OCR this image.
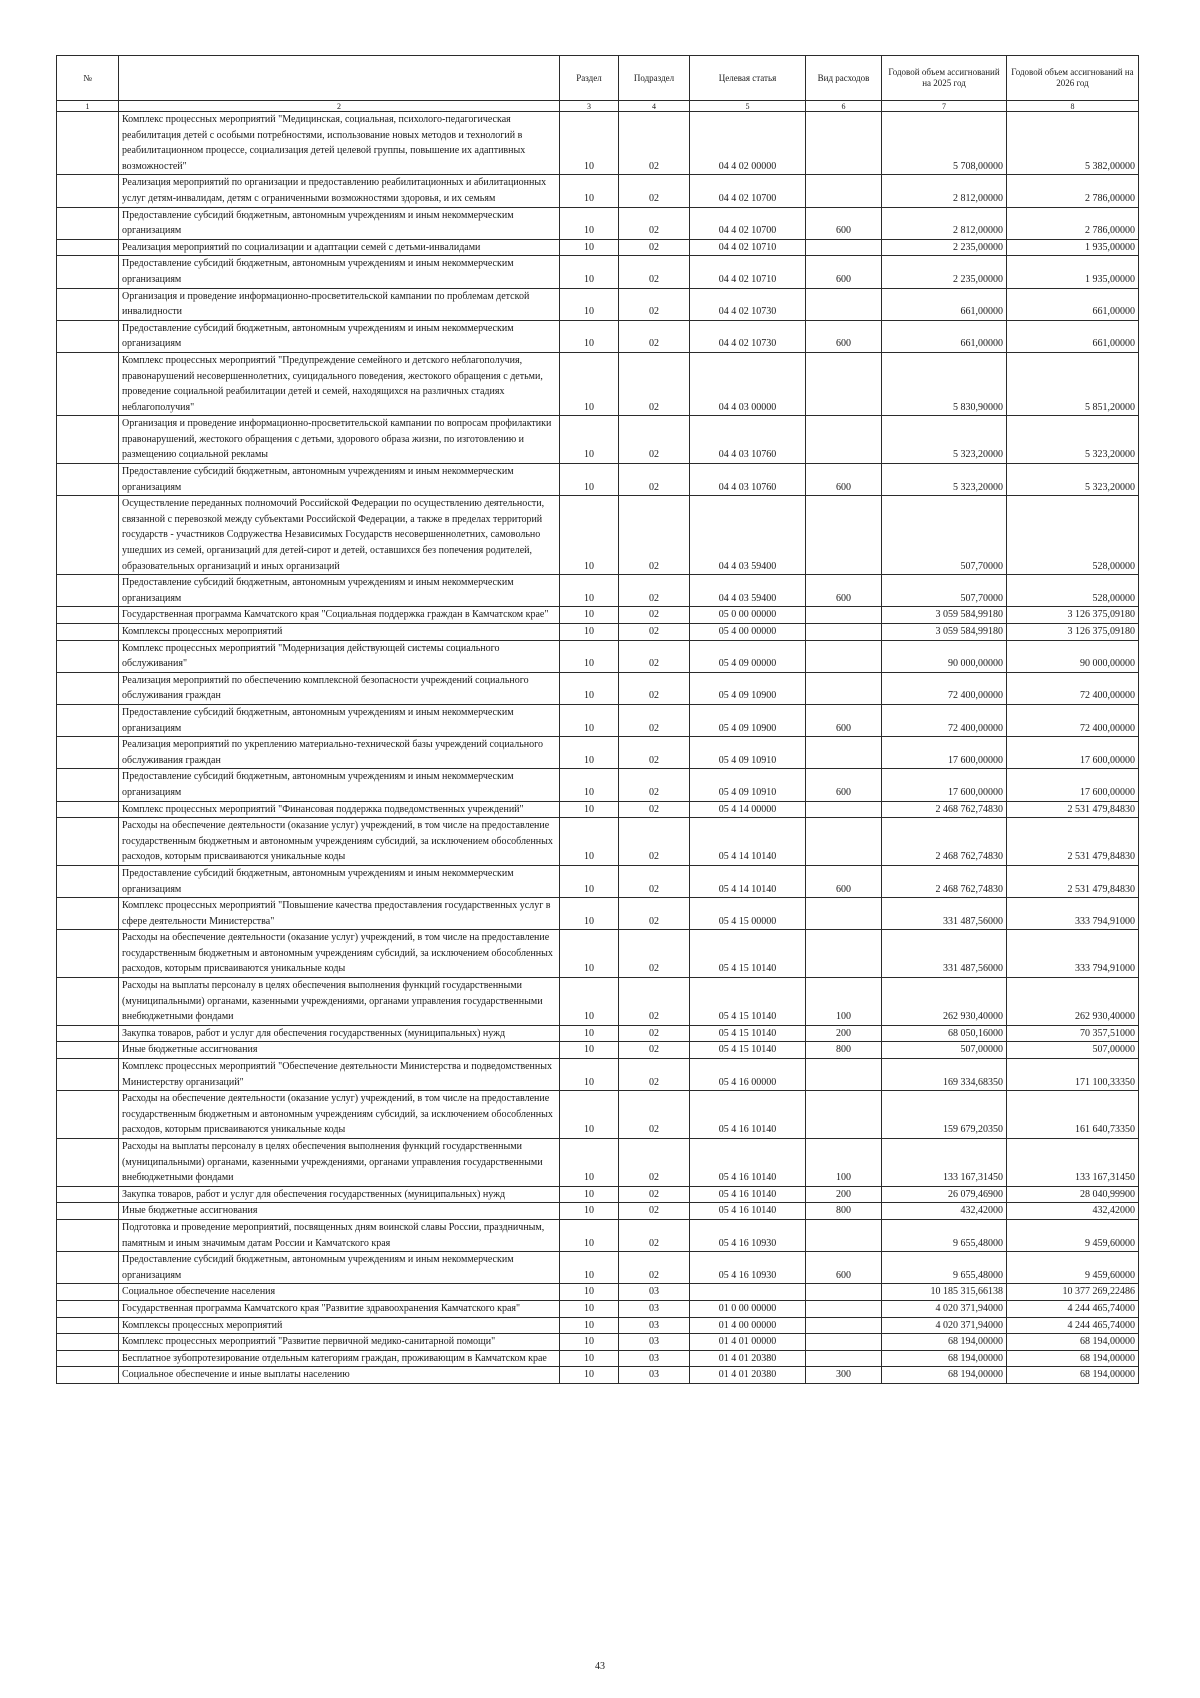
№		Раздел	Подраздел	Целевая статья	Вид расходов	Годовой объем ассигнований на 2025 год	Годовой объем ассигнований на 2026 год
1	2	3	4	5	6	7	8
	Комплекс процессных мероприятий "Медицинская, социальная, психолого-педагогическая реабилитация детей с особыми потребностями, использование новых методов и технологий в реабилитационном процессе, социализация детей целевой группы, повышение их адаптивных возможностей"	10	02	04 4 02 00000		5 708,00000	5 382,00000
	Реализация мероприятий по организации и предоставлению реабилитационных и абилитационных услуг детям-инвалидам, детям с ограниченными возможностями здоровья, и их семьям	10	02	04 4 02 10700		2 812,00000	2 786,00000
	Предоставление субсидий бюджетным, автономным учреждениям и иным некоммерческим организациям	10	02	04 4 02 10700	600	2 812,00000	2 786,00000
	Реализация мероприятий по социализации и адаптации семей с детьми-инвалидами	10	02	04 4 02 10710		2 235,00000	1 935,00000
	Предоставление субсидий бюджетным, автономным учреждениям и иным некоммерческим организациям	10	02	04 4 02 10710	600	2 235,00000	1 935,00000
	Организация и проведение информационно-просветительской кампании по проблемам детской инвалидности	10	02	04 4 02 10730		661,00000	661,00000
	Предоставление субсидий бюджетным, автономным учреждениям и иным некоммерческим организациям	10	02	04 4 02 10730	600	661,00000	661,00000
	Комплекс процессных мероприятий "Предупреждение семейного и детского неблагополучия, правонарушений несовершеннолетних, суицидального поведения, жестокого обращения с детьми, проведение социальной реабилитации детей и семей, находящихся на различных стадиях неблагополучия"	10	02	04 4 03 00000		5 830,90000	5 851,20000
	Организация и проведение информационно-просветительской кампании по вопросам профилактики правонарушений, жестокого обращения с детьми, здорового образа жизни, по изготовлению и размещению социальной рекламы	10	02	04 4 03 10760		5 323,20000	5 323,20000
	Предоставление субсидий бюджетным, автономным учреждениям и иным некоммерческим организациям	10	02	04 4 03 10760	600	5 323,20000	5 323,20000
	Осуществление переданных полномочий Российской Федерации по осуществлению деятельности, связанной с перевозкой между субъектами Российской Федерации, а также в пределах территорий государств - участников Содружества Независимых Государств несовершеннолетних, самовольно ушедших из семей, организаций для детей-сирот и детей, оставшихся без попечения родителей, образовательных организаций и иных организаций	10	02	04 4 03 59400		507,70000	528,00000
	Предоставление субсидий бюджетным, автономным учреждениям и иным некоммерческим организациям	10	02	04 4 03 59400	600	507,70000	528,00000
	Государственная программа Камчатского края "Социальная поддержка граждан в Камчатском крае"	10	02	05 0 00 00000		3 059 584,99180	3 126 375,09180
	Комплексы процессных мероприятий	10	02	05 4 00 00000		3 059 584,99180	3 126 375,09180
	Комплекс процессных мероприятий "Модернизация действующей системы социального обслуживания"	10	02	05 4 09 00000		90 000,00000	90 000,00000
	Реализация мероприятий по обеспечению комплексной безопасности учреждений социального обслуживания граждан	10	02	05 4 09 10900		72 400,00000	72 400,00000
	Предоставление субсидий бюджетным, автономным учреждениям и иным некоммерческим организациям	10	02	05 4 09 10900	600	72 400,00000	72 400,00000
	Реализация мероприятий по укреплению материально-технической базы учреждений социального обслуживания граждан	10	02	05 4 09 10910		17 600,00000	17 600,00000
	Предоставление субсидий бюджетным, автономным учреждениям и иным некоммерческим организациям	10	02	05 4 09 10910	600	17 600,00000	17 600,00000
	Комплекс процессных мероприятий "Финансовая поддержка подведомственных учреждений"	10	02	05 4 14 00000		2 468 762,74830	2 531 479,84830
	Расходы на обеспечение деятельности (оказание услуг) учреждений, в том числе на предоставление государственным бюджетным и автономным учреждениям субсидий, за исключением обособленных расходов, которым присваиваются уникальные коды	10	02	05 4 14 10140		2 468 762,74830	2 531 479,84830
	Предоставление субсидий бюджетным, автономным учреждениям и иным некоммерческим организациям	10	02	05 4 14 10140	600	2 468 762,74830	2 531 479,84830
	Комплекс процессных мероприятий "Повышение качества предоставления государственных услуг в сфере деятельности Министерства"	10	02	05 4 15 00000		331 487,56000	333 794,91000
	Расходы на обеспечение деятельности (оказание услуг) учреждений, в том числе на предоставление государственным бюджетным и автономным учреждениям субсидий, за исключением обособленных расходов, которым присваиваются уникальные коды	10	02	05 4 15 10140		331 487,56000	333 794,91000
	Расходы на выплаты персоналу в целях обеспечения выполнения функций государственными (муниципальными) органами, казенными учреждениями, органами управления государственными внебюджетными фондами	10	02	05 4 15 10140	100	262 930,40000	262 930,40000
	Закупка товаров, работ и услуг для обеспечения государственных (муниципальных) нужд	10	02	05 4 15 10140	200	68 050,16000	70 357,51000
	Иные бюджетные ассигнования	10	02	05 4 15 10140	800	507,00000	507,00000
	Комплекс процессных мероприятий "Обеспечение деятельности Министерства и подведомственных Министерству организаций"	10	02	05 4 16 00000		169 334,68350	171 100,33350
	Расходы на обеспечение деятельности (оказание услуг) учреждений, в том числе на предоставление государственным бюджетным и автономным учреждениям субсидий, за исключением обособленных расходов, которым присваиваются уникальные коды	10	02	05 4 16 10140		159 679,20350	161 640,73350
	Расходы на выплаты персоналу в целях обеспечения выполнения функций государственными (муниципальными) органами, казенными учреждениями, органами управления государственными внебюджетными фондами	10	02	05 4 16 10140	100	133 167,31450	133 167,31450
	Закупка товаров, работ и услуг для обеспечения государственных (муниципальных) нужд	10	02	05 4 16 10140	200	26 079,46900	28 040,99900
	Иные бюджетные ассигнования	10	02	05 4 16 10140	800	432,42000	432,42000
	Подготовка и проведение мероприятий, посвященных дням воинской славы России, праздничным, памятным и иным значимым датам России и Камчатского края	10	02	05 4 16 10930		9 655,48000	9 459,60000
	Предоставление субсидий бюджетным, автономным учреждениям и иным некоммерческим организациям	10	02	05 4 16 10930	600	9 655,48000	9 459,60000
	Социальное обеспечение населения	10	03			10 185 315,66138	10 377 269,22486
	Государственная программа Камчатского края "Развитие здравоохранения Камчатского края"	10	03	01 0 00 00000		4 020 371,94000	4 244 465,74000
	Комплексы процессных мероприятий	10	03	01 4 00 00000		4 020 371,94000	4 244 465,74000
	Комплекс процессных мероприятий "Развитие первичной медико-санитарной помощи"	10	03	01 4 01 00000		68 194,00000	68 194,00000
	Бесплатное зубопротезирование отдельным категориям граждан, проживающим в Камчатском крае	10	03	01 4 01 20380		68 194,00000	68 194,00000
	Социальное обеспечение и иные выплаты населению	10	03	01 4 01 20380	300	68 194,00000	68 194,00000
43
